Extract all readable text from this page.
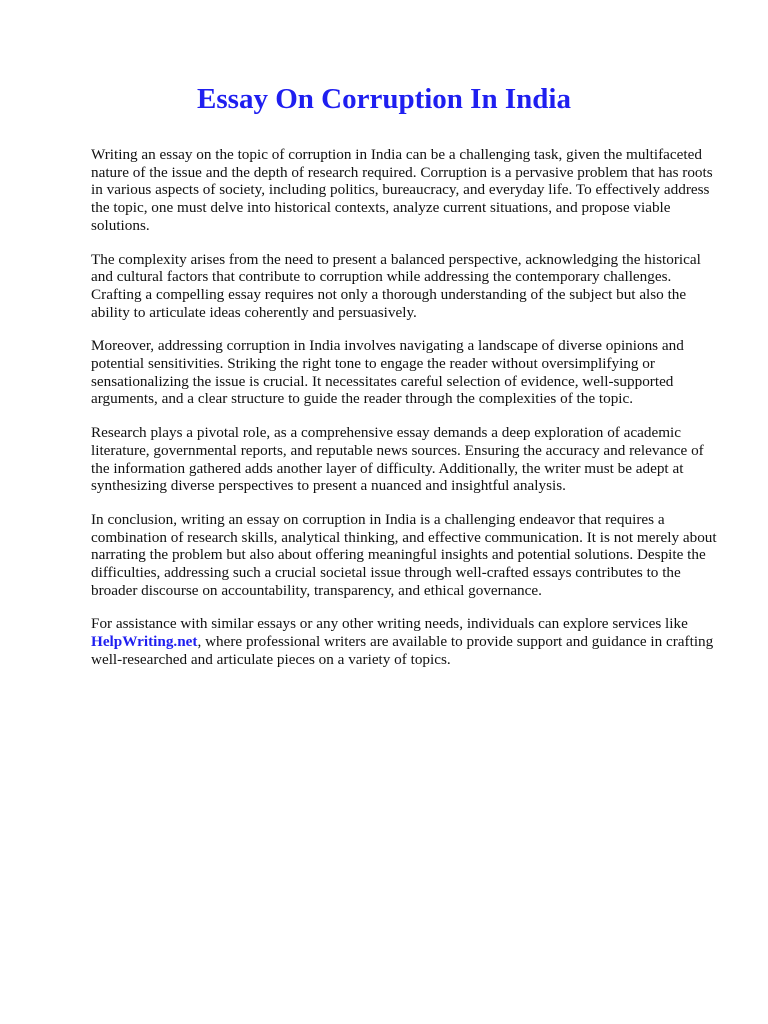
Essay On Corruption In India

Writing an essay on the topic of corruption in India can be a challenging task, given the multifaceted nature of the issue and the depth of research required. Corruption is a pervasive problem that has roots in various aspects of society, including politics, bureaucracy, and everyday life. To effectively address the topic, one must delve into historical contexts, analyze current situations, and propose viable solutions.

The complexity arises from the need to present a balanced perspective, acknowledging the historical and cultural factors that contribute to corruption while addressing the contemporary challenges. Crafting a compelling essay requires not only a thorough understanding of the subject but also the ability to articulate ideas coherently and persuasively.

Moreover, addressing corruption in India involves navigating a landscape of diverse opinions and potential sensitivities. Striking the right tone to engage the reader without oversimplifying or sensationalizing the issue is crucial. It necessitates careful selection of evidence, well-supported arguments, and a clear structure to guide the reader through the complexities of the topic.

Research plays a pivotal role, as a comprehensive essay demands a deep exploration of academic literature, governmental reports, and reputable news sources. Ensuring the accuracy and relevance of the information gathered adds another layer of difficulty. Additionally, the writer must be adept at synthesizing diverse perspectives to present a nuanced and insightful analysis.

In conclusion, writing an essay on corruption in India is a challenging endeavor that requires a combination of research skills, analytical thinking, and effective communication. It is not merely about narrating the problem but also about offering meaningful insights and potential solutions. Despite the difficulties, addressing such a crucial societal issue through well-crafted essays contributes to the broader discourse on accountability, transparency, and ethical governance.

For assistance with similar essays or any other writing needs, individuals can explore services like HelpWriting.net, where professional writers are available to provide support and guidance in crafting well-researched and articulate pieces on a variety of topics.
